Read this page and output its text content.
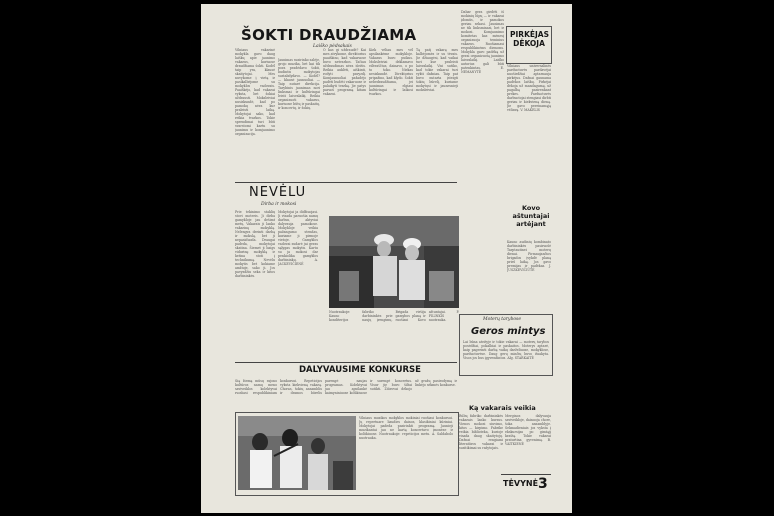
ŠOKTI DRAUDŽIAMA
Laiško pėdsakais
Vilniaus vakarinė mokykla gavo daug laiškų apie jaunimo vakarus, kuriuose draudžiama šokti. Kodėl taip yra, klausė skaitytojai. Mes nuvykome į vietą ir pasikalbėjome su mokyklos vadovais. Paaiškėjo, kad vakarai vyksta, bet šokiai uždrausti. Moksleiviai nusiskundė, kad po pamokų nėra kur praleisti laiką. Mokytojai sako, kad reikia tvarkos. Tokie sprendimai turi būti svarstomi kartu su jaunimu ir komjaunimo organizacija.
Jaunimas susirinko salėje, grojo muzika, bet kai tik pora pradėdavo šokti, budintis mokytojas sustabdydavo. — Kodėl? — klausė jaunuoliai. — Taip nutarė direkcija. Tarybinis jaunimas nori linksmai ir kultūringai leisti laisvalaikį. Reikia organizuoti vakarus, kuriuose būtų ir paskaitų, ir koncertų, ir šokių.
O kas gi uždraudė? Kai mes atvykome, direktorius paaiškino, kad vakaruose buvo netvarkos. Tačiau uždraudimas nėra išeitis. Reikia auklėti, aiškinti, rodyti pavyzdį. Komjaunuoliai pažadėjo padėti budėti vakaruose ir palaikyti tvarką. Jie patys paruoš programą kitam vakarui.
Kiek vėliau mes vėl apsilankėme mokykloje. Vakaras buvo puikus. Moksleiviai deklamavo eilėraščius, dainavo, o po to šoko. Niekas nesiskundė. Direktorius pripažino, kad klydo. Šokti nebedraudžiama, jei jaunimas elgiasi kultūringai ir laikosi tvarkos.
Tą patį vakarą mes kalbėjomės ir su tėvais. Jie džiaugėsi, kad vaikai turi kur praleisti laisvalaikį. Visi sutiko, kad tokie vakarai turi vykti dažniau. Taip pat buvo nutarta įsteigti šokių būrelį, kuriame mokytųsi ir jaunesnieji moksleiviai.
Dabar gera girdėti iš mokinių lūpų — ir vakarai įdomūs, ir pamokos geriau sekasi. Jaunimas ne tik linksminasi, bet ir mokosi. Komjaunimo komitetas kas mėnesį organizuoja teminius vakarus. Ruošiamasi respublikinėms dienoms. Mokykla gavo padėką už gerai organizuotą jaunimo laisvalaikį. Laiško autorius gali būti patenkintas. E. NEMANYTĖ
PIRKĖJAS DĖKOJA
Vilniaus universalinės parduotuvės pardavėjai nuoširdžiai aptarnauja pirkėjus. Dažnai gaunama padėkos laiškų. Pirkėjai dėkoja už mandagumą, už pagalbą pasirenkant prekes. Parduotuvės darbuotojai stengiasi dirbti geriau ir kiekvieną dieną. Jie gavo pereinamąją vėliavą. V. MAKELIS
Kovo aštuntajai artėjant
Kauno audinių kombinato darbininkės pasiruošė Tarptautinei moterų dienai. Pirmaujančios brigados įvykdė planą prieš laiką. Jos gavo premijas ir padėkas. J. JUSZKEVIČIŪTĖ
NEVĖLU
Dirba ir mokosi
Prie tekinimo staklių stovi moteris. Ji dirba gamykloje jau dešimt metų. Vakarais ji lanko vakarinę mokyklą. Nelengva derinti darbą ir mokslą, bet ji nepasiduoda. Draugai padeda, mokytojai skatina. Šiemet ji baigs vidurinę mokyklą ir ketina stoti į technikumą. Nevėlu mokytis bet kokiame amžiuje, sako ji. Jos pavyzdžiu seka ir kitos darbininkės.
Mokytojai ja didžiuojasi. Ji visada paruošia namų darbus, aktyviai dalyvauja pamokose. Mokykloje veikia pažangumo stendas, kuriame ji pirmoje vietoje. Gamyklos vadovai sudarė jai geras sąlygas mokytis. Kartu su ja mokosi dar penkiolika gamyklos darbininkų. A. JACKEVIČIENĖ
Nuotraukoje: Kauno konditerijos fabriko darbininkės prie naujų įrengimų. Brigada viršija gamybos planą ir ruošiasi Kovo aštuntajai. P. FILINKIS nuotrauka.	Moterų tarybose
Geros mintys
Lai būna ateityje ir tokie vakarai — moterų tarybos posėdžiai, pokalbiai ir paskaitos. Moterys aptarė, kaip pagerinti darbą vaikų darželiuose, mokyklose, parduotuvėse. Daug gerų minčių buvo išsakyta. Visos jos bus įgyvendintos. Alg. STARKAITĖ
DALYVAUSIME KONKURSE
Šią žiemą mūsų rajono kultūros namų meno saviveiklos kolektyvai ruošiasi respublikiniam konkursui. Repeticijos vyksta kiekvieną vakarą. Choras, šokių ansamblis ir dramos būrelis parengė naujas programas. Kolektyvai jau apsilankė kaimyniniuose kolūkiuose ir surengė koncertus. Visur jie buvo šiltai sutikti. Žiūrovai dėkojo už gražų pasirodymą ir linkėjo sėkmės konkurse.
Vilniaus muzikos mokyklos mokiniai ruošiasi konkursui. Jų repertuare liaudies dainos, klasikiniai kūriniai. Mokytojai padeda pasirinkti programą. Jaunieji muzikantai jau ne kartą koncertavo įmonėse ir kolūkiuose. Nuotraukoje: repeticijos metu. A. Saldabolo nuotrauka.
Ką vakarais veikia
Rūbų fabriko darbininkės vakarais lanko kursus. Vienos mokosi siuvimo, kitos — kirpimo. Fabrike veikia biblioteka, kurioje visada daug skaitytojų. Dažnai rengiami literatūros vakarai ir susitikimai su rašytojais.
Merginos dalyvauja saviveikloje, dainuoja chore, šoka ansamblyje. Sekmadieniais jos vyksta į ekskursijas po gimtąjį kraštą. Tokie vakarai praturtina gyvenimą. B. VAITKIENĖ
TĖVYNĖ 3
